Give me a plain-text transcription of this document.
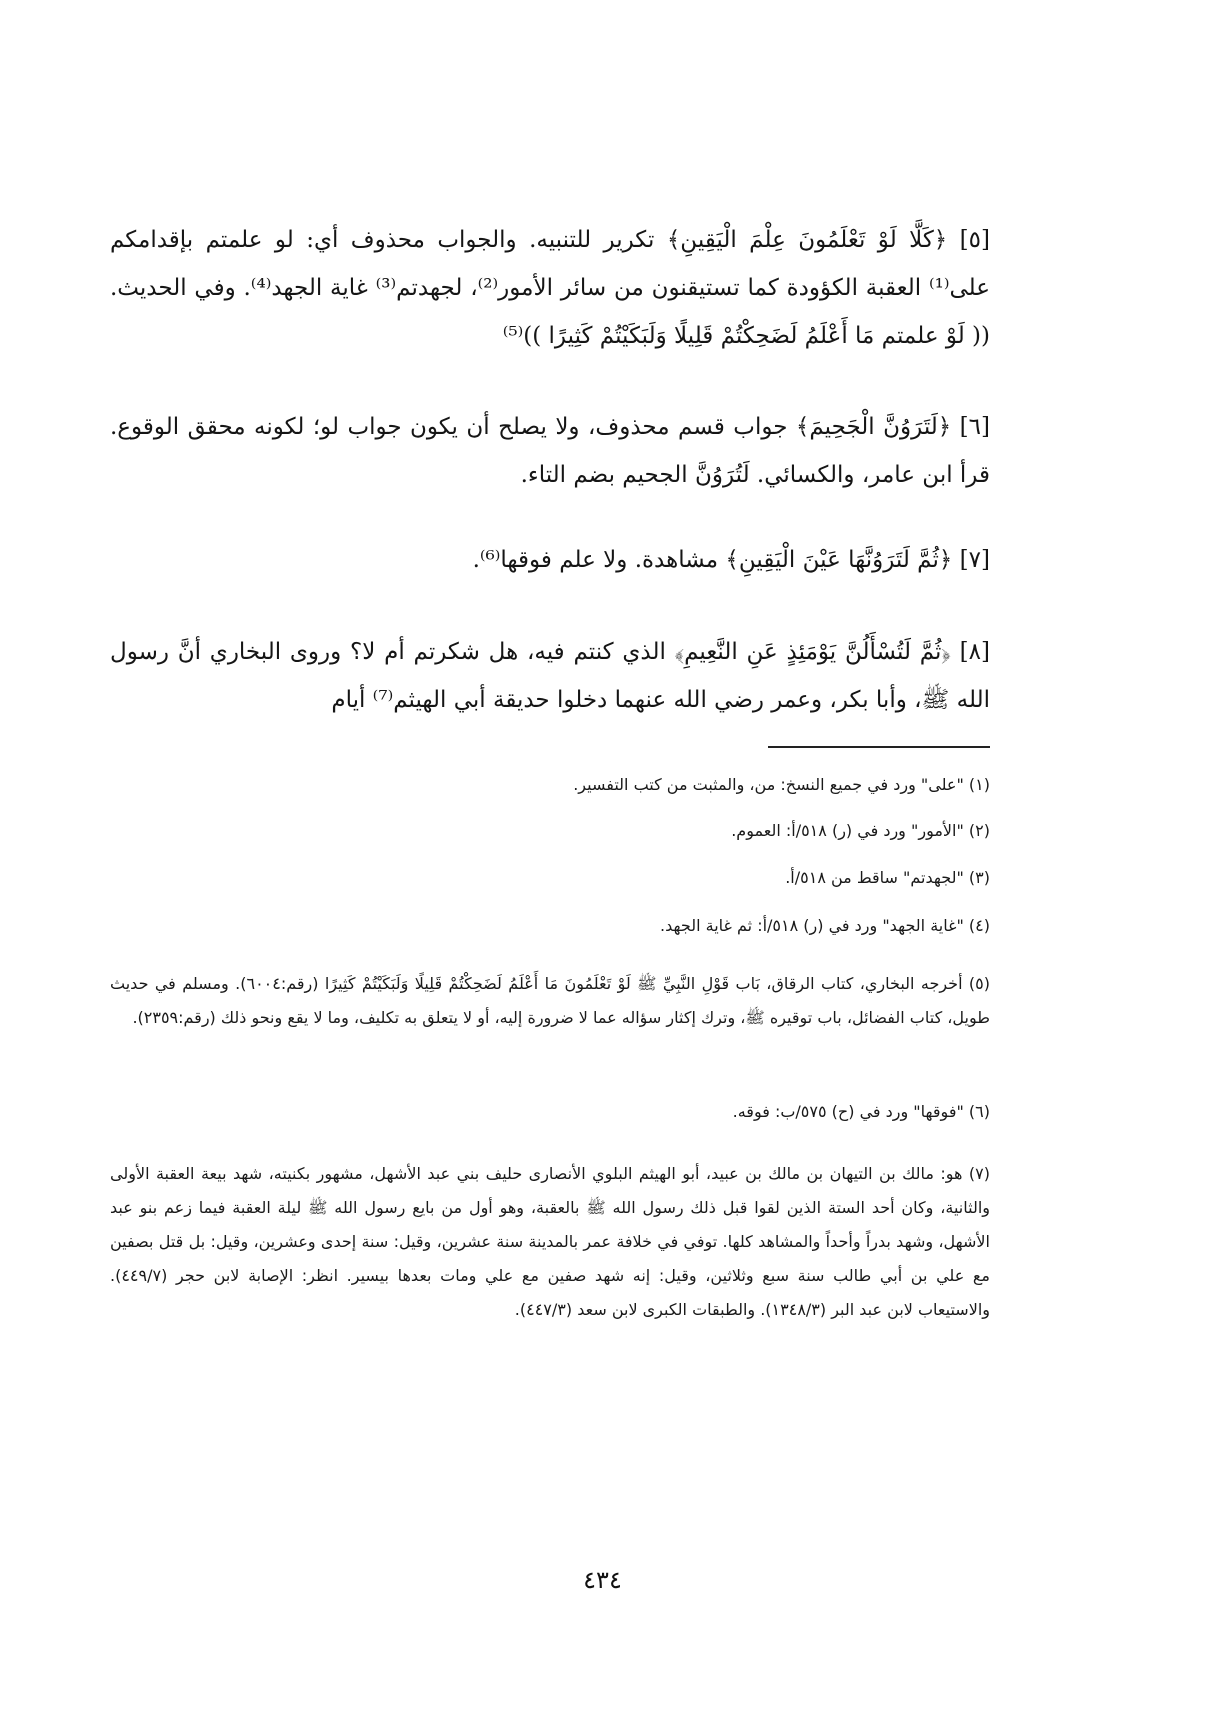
[٥] ﴿كَلَّا لَوْ تَعْلَمُونَ عِلْمَ الْيَقِينِ﴾ تكرير للتنبيه. والجواب محذوف أي: لو علمتم بإقدامكم على⁽¹⁾ العقبة الكؤودة كما تستيقنون من سائر الأمور⁽²⁾، لجهدتم⁽³⁾ غاية الجهد⁽⁴⁾. وفي الحديث. (( لَوْ علمتم مَا أَعْلَمُ لَضَحِكْتُمْ قَلِيلًا وَلَبَكَيْتُمْ كَثِيرًا ))⁽⁵⁾

[٦] ﴿لَتَرَوُنَّ الْجَحِيمَ﴾ جواب قسم محذوف، ولا يصلح أن يكون جواب لو؛ لكونه محقق الوقوع. قرأ ابن عامر، والكسائي. لَتُرَوُنَّ الجحيم بضم التاء.

[٧] ﴿ثُمَّ لَتَرَوُنَّهَا عَيْنَ الْيَقِينِ﴾ مشاهدة. ولا علم فوقها⁽⁶⁾.

[٨] ﴿ثُمَّ لَتُسْأَلُنَّ يَوْمَئِذٍ عَنِ النَّعِيمِ﴾ الذي كنتم فيه، هل شكرتم أم لا؟ وروى البخاري أنَّ رسول الله ﷺ، وأبا بكر، وعمر رضي الله عنهما دخلوا حديقة أبي الهيثم⁽⁷⁾ أيام

(١) "على" ورد في جميع النسخ: من، والمثبت من كتب التفسير.

(٢) "الأمور" ورد في (ر) ٥١٨/أ: العموم.

(٣) "لجهدتم" ساقط من ٥١٨/أ.

(٤) "غاية الجهد" ورد في (ر) ٥١٨/أ: ثم غاية الجهد.

(٥) أخرجه البخاري، كتاب الرقاق، بَاب قَوْلِ النَّبِيِّ ﷺ لَوْ تَعْلَمُونَ مَا أَعْلَمُ لَضَحِكْتُمْ قَلِيلًا وَلَبَكَيْتُمْ كَثِيرًا (رقم:٦٠٠٤). ومسلم في حديث طويل، كتاب الفضائل، باب توقيره ﷺ، وترك إكثار سؤاله عما لا ضرورة إليه، أو لا يتعلق به تكليف، وما لا يقع ونحو ذلك (رقم:٢٣٥٩).

(٦) "فوقها" ورد في (ح) ٥٧٥/ب: فوقه.

(٧) هو: مالك بن التيهان بن مالك بن عبيد، أبو الهيثم البلوي الأنصارى حليف بني عبد الأشهل، مشهور بكنيته، شهد بيعة العقبة الأولى والثانية، وكان أحد الستة الذين لقوا قبل ذلك رسول الله ﷺ بالعقبة، وهو أول من بايع رسول الله ﷺ ليلة العقبة فيما زعم بنو عبد الأشهل، وشهد بدراً وأحداً والمشاهد كلها. توفي في خلافة عمر بالمدينة سنة عشرين، وقيل: سنة إحدى وعشرين، وقيل: بل قتل بصفين مع علي بن أبي طالب سنة سبع وثلاثين، وقيل: إنه شهد صفين مع علي ومات بعدها بيسير. انظر: الإصابة لابن حجر (٤٤٩/٧). والاستيعاب لابن عبد البر (١٣٤٨/٣). والطبقات الكبرى لابن سعد (٤٤٧/٣).

٤٣٤
